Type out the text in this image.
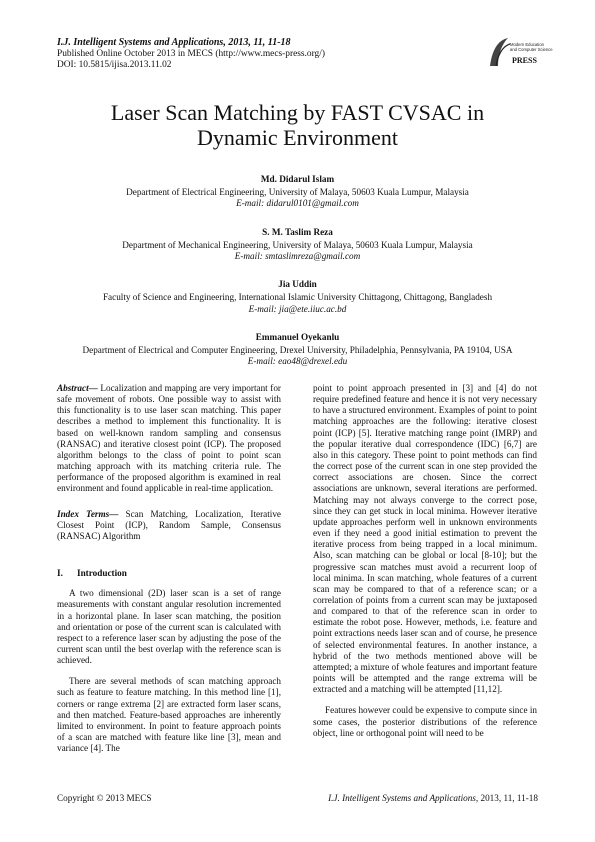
I.J. Intelligent Systems and Applications, 2013, 11, 11-18
Published Online October 2013 in MECS (http://www.mecs-press.org/)
DOI: 10.5815/ijisa.2013.11.02
Modern Education
and Computer Science
PRESS
Laser Scan Matching by FAST CVSAC in
Dynamic Environment
Md. Didarul Islam
Department of Electrical Engineering, University of Malaya, 50603 Kuala Lumpur, Malaysia
E-mail: didarul0101@gmail.com
S. M. Taslim Reza
Department of Mechanical Engineering, University of Malaya, 50603 Kuala Lumpur, Malaysia
E-mail: smtaslimreza@gmail.com
Jia Uddin
Faculty of Science and Engineering, International Islamic University Chittagong, Chittagong, Bangladesh
E-mail: jia@ete.iiuc.ac.bd
Emmanuel Oyekanlu
Department of Electrical and Computer Engineering, Drexel University, Philadelphia, Pennsylvania, PA 19104, USA
E-mail: eao48@drexel.edu

Abstract— Localization and mapping are very important for safe movement of robots. One possible way to assist with this functionality is to use laser scan matching. This paper describes a method to implement this functionality. It is based on well-known random sampling and consensus (RANSAC) and iterative closest point (ICP). The proposed algorithm belongs to the class of point to point scan matching approach with its matching criteria rule. The performance of the proposed algorithm is examined in real environment and found applicable in real-time application.

Index Terms— Scan Matching, Localization, Iterative Closest Point (ICP), Random Sample, Consensus (RANSAC) Algorithm

I. Introduction

A two dimensional (2D) laser scan is a set of range measurements with constant angular resolution incremented in a horizontal plane. In laser scan matching, the position and orientation or pose of the current scan is calculated with respect to a reference laser scan by adjusting the pose of the current scan until the best overlap with the reference scan is achieved.

There are several methods of scan matching approach such as feature to feature matching. In this method line [1], corners or range extrema [2] are extracted form laser scans, and then matched. Feature-based approaches are inherently limited to environment. In point to feature approach points of a scan are matched with feature like line [3], mean and variance [4]. The

point to point approach presented in [3] and [4] do not require predefined feature and hence it is not very necessary to have a structured environment. Examples of point to point matching approaches are the following: iterative closest point (ICP) [5]. Iterative matching range point (IMRP) and the popular iterative dual correspondence (IDC) [6,7] are also in this category. These point to point methods can find the correct pose of the current scan in one step provided the correct associations are chosen. Since the correct associations are unknown, several iterations are performed. Matching may not always converge to the correct pose, since they can get stuck in local minima. However iterative update approaches perform well in unknown environments even if they need a good initial estimation to prevent the iterative process from being trapped in a local minimum. Also, scan matching can be global or local [8-10]; but the progressive scan matches must avoid a recurrent loop of local minima. In scan matching, whole features of a current scan may be compared to that of a reference scan; or a correlation of points from a current scan may be juxtaposed and compared to that of the reference scan in order to estimate the robot pose. However, methods, i.e. feature and point extractions needs laser scan and of course, he presence of selected environmental features. In another instance, a hybrid of the two methods mentioned above will be attempted; a mixture of whole features and important feature points will be attempted and the range extrema will be extracted and a matching will be attempted [11,12].

Features however could be expensive to compute since in some cases, the posterior distributions of the reference object, line or orthogonal point will need to be

Copyright © 2013 MECS	I.J. Intelligent Systems and Applications, 2013, 11, 11-18
